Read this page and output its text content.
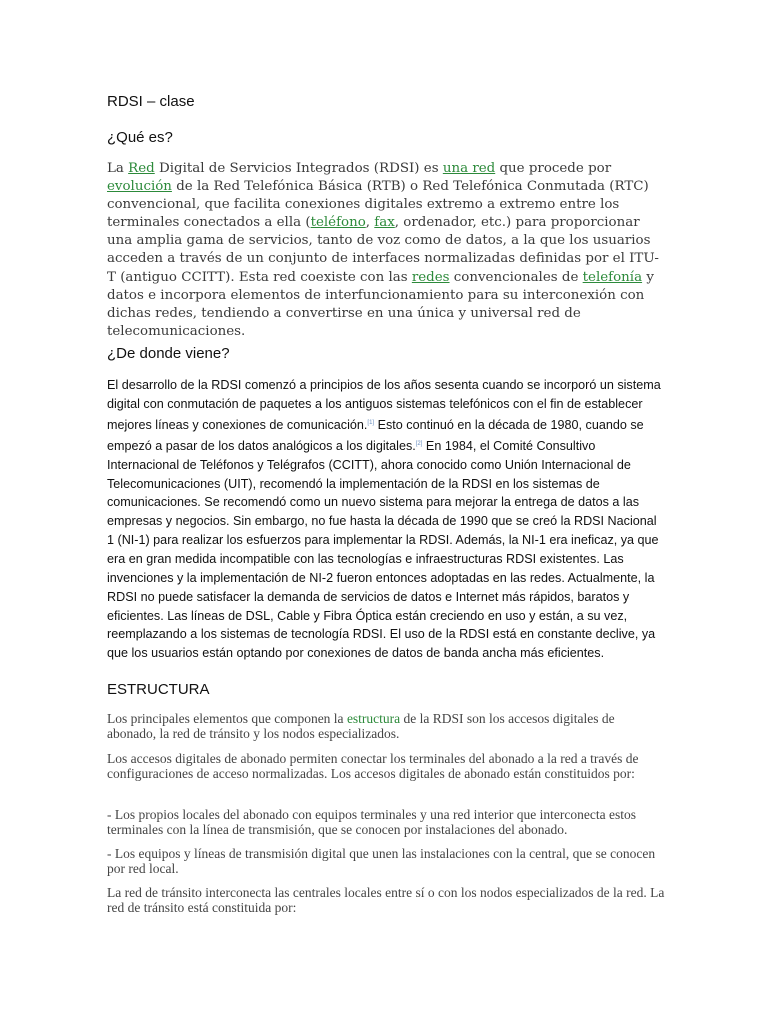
RDSI – clase
¿Qué es?
La Red Digital de Servicios Integrados (RDSI) es una red que procede por evolución de la Red Telefónica Básica (RTB) o Red Telefónica Conmutada (RTC) convencional, que facilita conexiones digitales extremo a extremo entre los terminales conectados a ella (teléfono, fax, ordenador, etc.) para proporcionar una amplia gama de servicios, tanto de voz como de datos, a la que los usuarios acceden a través de un conjunto de interfaces normalizadas definidas por el ITU-T (antiguo CCITT). Esta red coexiste con las redes convencionales de telefonía y datos e incorpora elementos de interfuncionamiento para su interconexión con dichas redes, tendiendo a convertirse en una única y universal red de telecomunicaciones.
¿De donde viene?
El desarrollo de la RDSI comenzó a principios de los años sesenta cuando se incorporó un sistema digital con conmutación de paquetes a los antiguos sistemas telefónicos con el fin de establecer mejores líneas y conexiones de comunicación.[1] Esto continuó en la década de 1980, cuando se empezó a pasar de los datos analógicos a los digitales.[2] En 1984, el Comité Consultivo Internacional de Teléfonos y Telégrafos (CCITT), ahora conocido como Unión Internacional de Telecomunicaciones (UIT), recomendó la implementación de la RDSI en los sistemas de comunicaciones. Se recomendó como un nuevo sistema para mejorar la entrega de datos a las empresas y negocios. Sin embargo, no fue hasta la década de 1990 que se creó la RDSI Nacional 1 (NI-1) para realizar los esfuerzos para implementar la RDSI. Además, la NI-1 era ineficaz, ya que era en gran medida incompatible con las tecnologías e infraestructuras RDSI existentes. Las invenciones y la implementación de NI-2 fueron entonces adoptadas en las redes. Actualmente, la RDSI no puede satisfacer la demanda de servicios de datos e Internet más rápidos, baratos y eficientes. Las líneas de DSL, Cable y Fibra Óptica están creciendo en uso y están, a su vez, reemplazando a los sistemas de tecnología RDSI. El uso de la RDSI está en constante declive, ya que los usuarios están optando por conexiones de datos de banda ancha más eficientes.
ESTRUCTURA
Los principales elementos que componen la estructura de la RDSI son los accesos digitales de abonado, la red de tránsito y los nodos especializados.
Los accesos digitales de abonado permiten conectar los terminales del abonado a la red a través de configuraciones de acceso normalizadas. Los accesos digitales de abonado están constituidos por:
- Los propios locales del abonado con equipos terminales y una red interior que interconecta estos terminales con la línea de transmisión, que se conocen por instalaciones del abonado.
- Los equipos y líneas de transmisión digital que unen las instalaciones con la central, que se conocen por red local.
La red de tránsito interconecta las centrales locales entre sí o con los nodos especializados de la red. La red de tránsito está constituida por:
